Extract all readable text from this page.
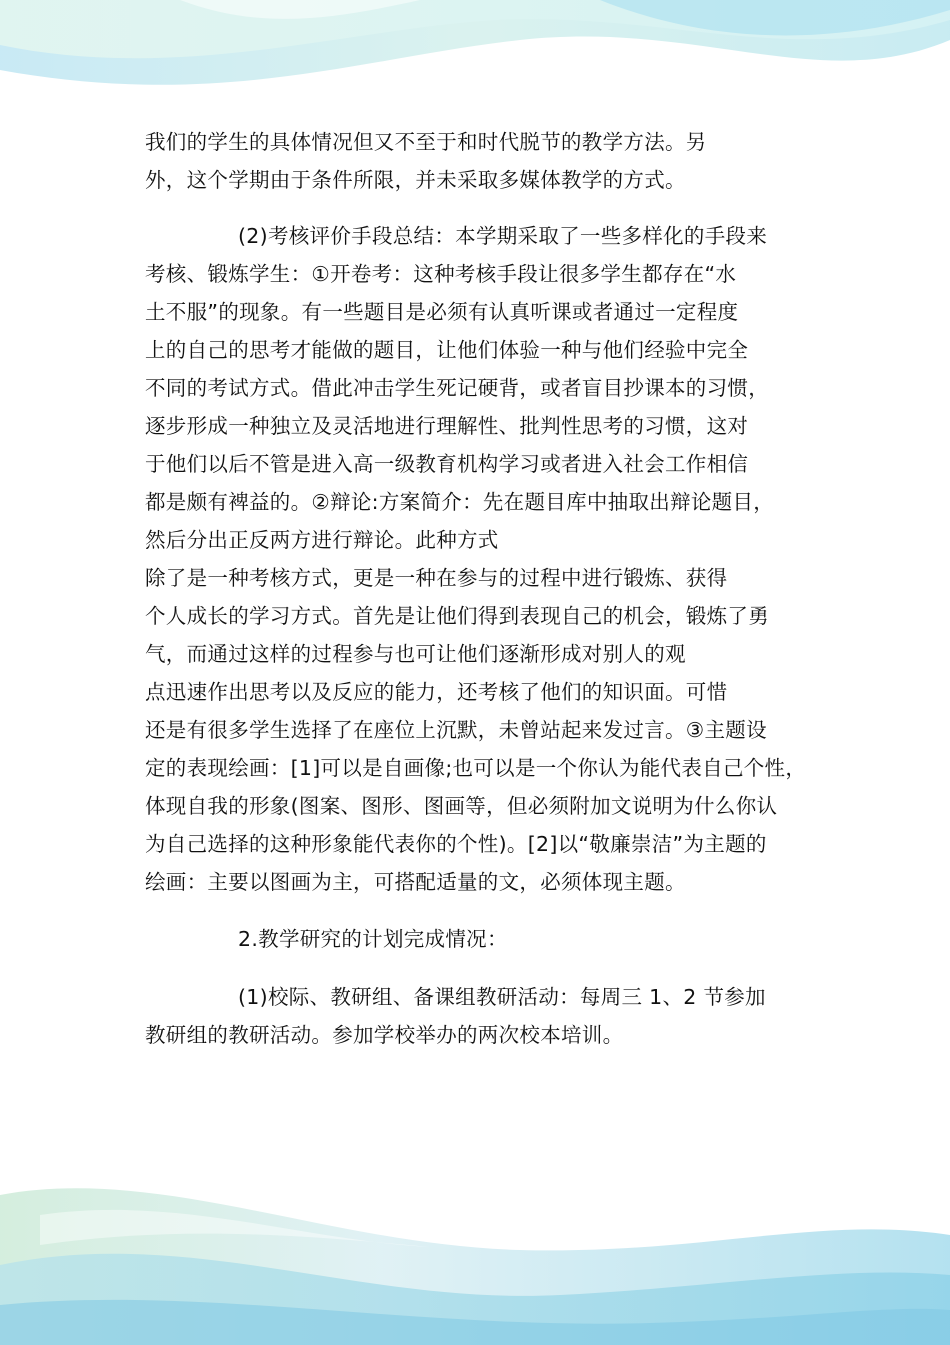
我们的学生的具体情况但又不至于和时代脱节的教学方法。另
外，这个学期由于条件所限，并未采取多媒体教学的方式。
(2)考核评价手段总结：本学期采取了一些多样化的手段来
考核、锻炼学生：①开卷考：这种考核手段让很多学生都存在“水
土不服”的现象。有一些题目是必须有认真听课或者通过一定程度
上的自己的思考才能做的题目，让他们体验一种与他们经验中完全
不同的考试方式。借此冲击学生死记硬背，或者盲目抄课本的习惯，
逐步形成一种独立及灵活地进行理解性、批判性思考的习惯，这对
于他们以后不管是进入高一级教育机构学习或者进入社会工作相信
都是颇有裨益的。②辩论:方案简介：先在题目库中抽取出辩论题目，
然后分出正反两方进行辩论。此种方式
除了是一种考核方式，更是一种在参与的过程中进行锻炼、获得
个人成长的学习方式。首先是让他们得到表现自己的机会，锻炼了勇
气，而通过这样的过程参与也可让他们逐渐形成对别人的观
点迅速作出思考以及反应的能力，还考核了他们的知识面。可惜
还是有很多学生选择了在座位上沉默，未曾站起来发过言。③主题设
定的表现绘画：[1]可以是自画像;也可以是一个你认为能代表自己个性，
体现自我的形象(图案、图形、图画等，但必须附加文说明为什么你认
为自己选择的这种形象能代表你的个性)。[2]以“敬廉崇洁”为主题的
绘画：主要以图画为主，可搭配适量的文，必须体现主题。
2.教学研究的计划完成情况：
(1)校际、教研组、备课组教研活动：每周三 1、2 节参加
教研组的教研活动。参加学校举办的两次校本培训。
